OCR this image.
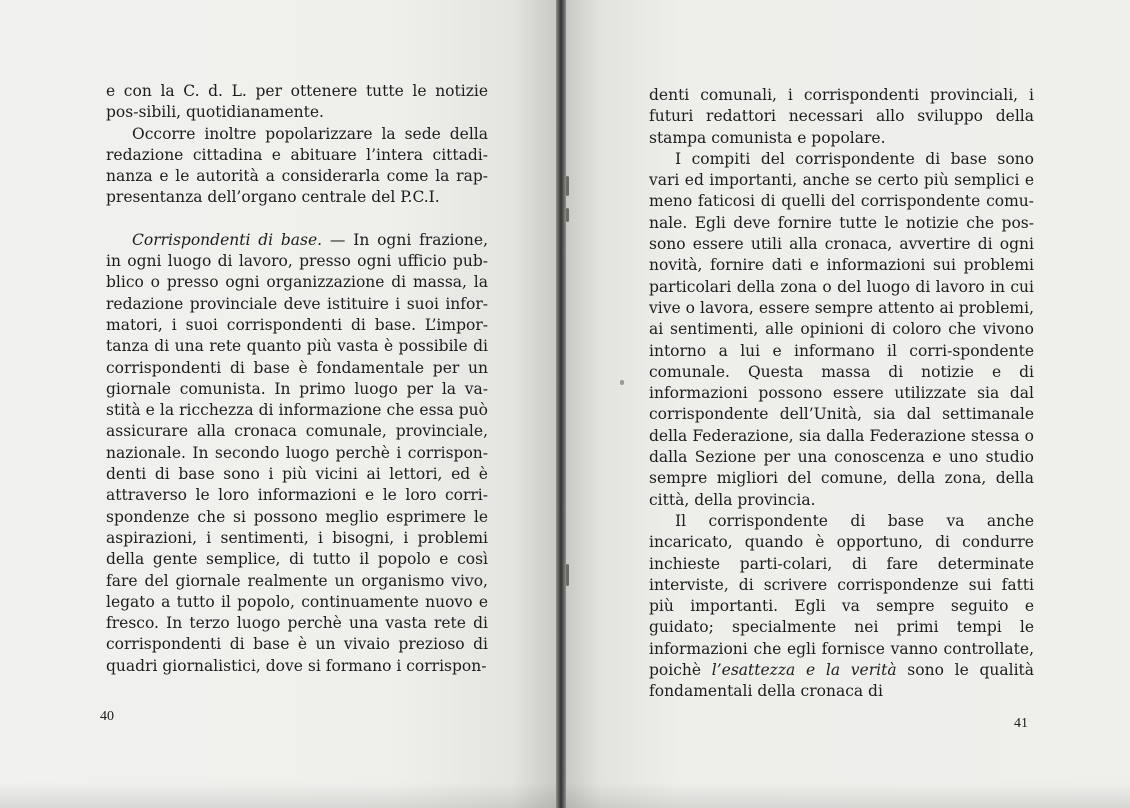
e con la C. d. L. per ottenere tutte le notizie pos-sibili, quotidianamente.

Occorre inoltre popolarizzare la sede della redazione cittadina e abituare l’intera cittadi-nanza e le autorità a considerarla come la rap-presentanza dell’organo centrale del P.C.I.

Corrispondenti di base. — In ogni frazione, in ogni luogo di lavoro, presso ogni ufficio pub-blico o presso ogni organizzazione di massa, la redazione provinciale deve istituire i suoi infor-matori, i suoi corrispondenti di base. L’impor-tanza di una rete quanto più vasta è possibile di corrispondenti di base è fondamentale per un giornale comunista. In primo luogo per la va-stità e la ricchezza di informazione che essa può assicurare alla cronaca comunale, provinciale, nazionale. In secondo luogo perchè i corrispon-denti di base sono i più vicini ai lettori, ed è attraverso le loro informazioni e le loro corri-spondenze che si possono meglio esprimere le aspirazioni, i sentimenti, i bisogni, i problemi della gente semplice, di tutto il popolo e così fare del giornale realmente un organismo vivo, legato a tutto il popolo, continuamente nuovo e fresco. In terzo luogo perchè una vasta rete di corrispondenti di base è un vivaio prezioso di quadri giornalistici, dove si formano i corrispon-

40

denti comunali, i corrispondenti provinciali, i futuri redattori necessari allo sviluppo della stampa comunista e popolare.

I compiti del corrispondente di base sono vari ed importanti, anche se certo più semplici e meno faticosi di quelli del corrispondente comu-nale. Egli deve fornire tutte le notizie che pos-sono essere utili alla cronaca, avvertire di ogni novità, fornire dati e informazioni sui problemi particolari della zona o del luogo di lavoro in cui vive o lavora, essere sempre attento ai problemi, ai sentimenti, alle opinioni di coloro che vivono intorno a lui e informano il corri-spondente comunale. Questa massa di notizie e di informazioni possono essere utilizzate sia dal corrispondente dell’Unità, sia dal settimanale della Federazione, sia dalla Federazione stessa o dalla Sezione per una conoscenza e uno studio sempre migliori del comune, della zona, della città, della provincia.

Il corrispondente di base va anche incaricato, quando è opportuno, di condurre inchieste parti-colari, di fare determinate interviste, di scrivere corrispondenze sui fatti più importanti. Egli va sempre seguito e guidato; specialmente nei primi tempi le informazioni che egli fornisce vanno controllate, poichè l’esattezza e la verità sono le qualità fondamentali della cronaca di

41
